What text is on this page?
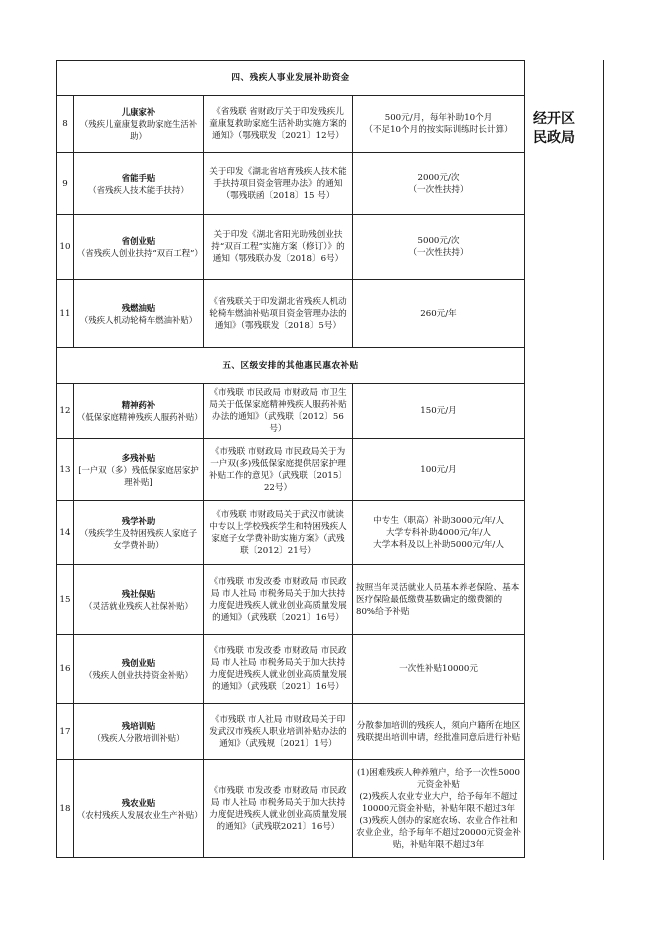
四、残疾人事业发展补助资金			
8	儿康家补
（残疾儿童康复救助家庭生活补助）	《省残联 省财政厅关于印发残疾儿童康复救助家庭生活补助实施方案的通知》（鄂残联发〔2021〕12号）	500元/月，每年补助10个月
（不足10个月的按实际训练时长计算）
9	省能手贴
（省残疾人技术能手扶持）	关于印发《湖北省培育残疾人技术能手扶持项目资金管理办法》的通知（鄂残联函〔2018〕15 号）	2000元/次
（一次性扶持）
10	省创业贴
（省残疾人创业扶持“双百工程”）	关于印发《湖北省阳光助残创业扶持“双百工程”实施方案（修订）》的通知（鄂残联办发〔2018〕6号）	5000元/次
（一次性扶持）
11	残燃油贴
（残疾人机动轮椅车燃油补贴）	《省残联关于印发湖北省残疾人机动轮椅车燃油补贴项目资金管理办法的通知》（鄂残联发〔2018〕5号）	260元/年
五、区级安排的其他惠民惠农补贴			
12	精神药补
（低保家庭精神残疾人服药补贴）	《市残联 市民政局 市财政局 市卫生局关于低保家庭精神残疾人服药补贴办法的通知》（武残联〔2012〕56号）	150元/月
13	多残补贴
[一户双（多）残低保家庭居家护理补贴]	《市残联 市财政局 市民政局关于为一户双(多)残低保家庭提供居家护理补贴工作的意见》（武残联〔2015〕22号）	100元/月
14	残学补助
（残疾学生及特困残疾人家庭子女学费补助）	《市残联 市财政局关于武汉市就读中专以上学校残疾学生和特困残疾人家庭子女学费补助实施方案》（武残联〔2012〕21号）	中专生（职高）补助3000元/年/人
大学专科补助4000元/年/人
大学本科及以上补助5000元/年/人
15	残社保贴
（灵活就业残疾人社保补贴）	《市残联 市发改委 市财政局 市民政局 市人社局 市税务局关于加大扶持力度促进残疾人就业创业高质量发展的通知》（武残联〔2021〕16号）	按照当年灵活就业人员基本养老保险、基本医疗保险最低缴费基数确定的缴费额的80%给予补贴

16	残创业贴
（残疾人创业扶持资金补贴）	《市残联 市发改委 市财政局 市民政局 市人社局 市税务局关于加大扶持力度促进残疾人就业创业高质量发展的通知》（武残联〔2021〕16号）	一次性补贴10000元
17	残培训贴
（残疾人分散培训补贴）	《市残联 市人社局 市财政局关于印发武汉市残疾人职业培训补贴办法的通知》（武残规〔2021〕1号）	分散参加培训的残疾人，须向户籍所在地区残联提出培训申请，经批准同意后进行补贴
18	残农业贴
（农村残疾人发展农业生产补贴）	《市残联 市发改委 市财政局 市民政局 市人社局 市税务局关于加大扶持力度促进残疾人就业创业高质量发展的通知》（武残联2021〕16号）	(1)困难残疾人种养殖户，给予一次性5000元资金补贴
(2)残疾人农业专业大户，给予每年不超过10000元资金补贴，补贴年限不超过3年
(3)残疾人创办的家庭农场、农业合作社和农业企业，给予每年不超过20000元资金补贴，补贴年限不超过3年
经开区
民政局
